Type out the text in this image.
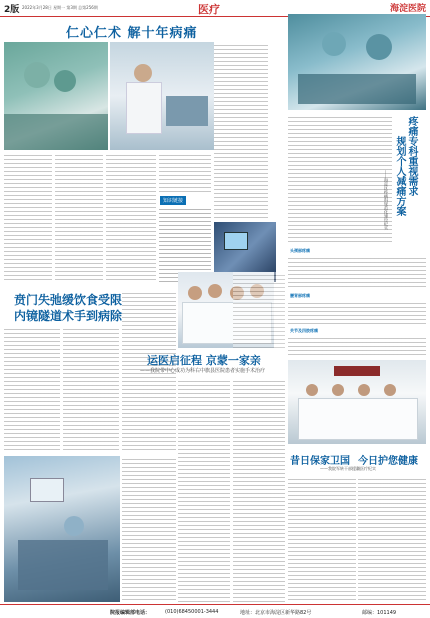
2版 2022年3月28日 星期一 第3期 总第256期	医疗	海淀医院
仁心仁术 解十年病痛
知识链接
贲门失弛缓饮食受限
内镜隧道术手到病除
运医启征程 京蒙一家亲
——我院带中心成功为科右中旗县医院患者实施手术治疗
疼痛专科重视需求
规划个人减痛方案
——海淀区疼痛科规范化建设纪实
头颈部疼痛
腰背部疼痛
关节及四肢疼痛
昔日保家卫国 今日护您健康
——我院军转干部援疆医疗纪实
院报编辑部电话：	(010)68450001-3444	地址：北京市海淀区新华路82号	邮编：101149
